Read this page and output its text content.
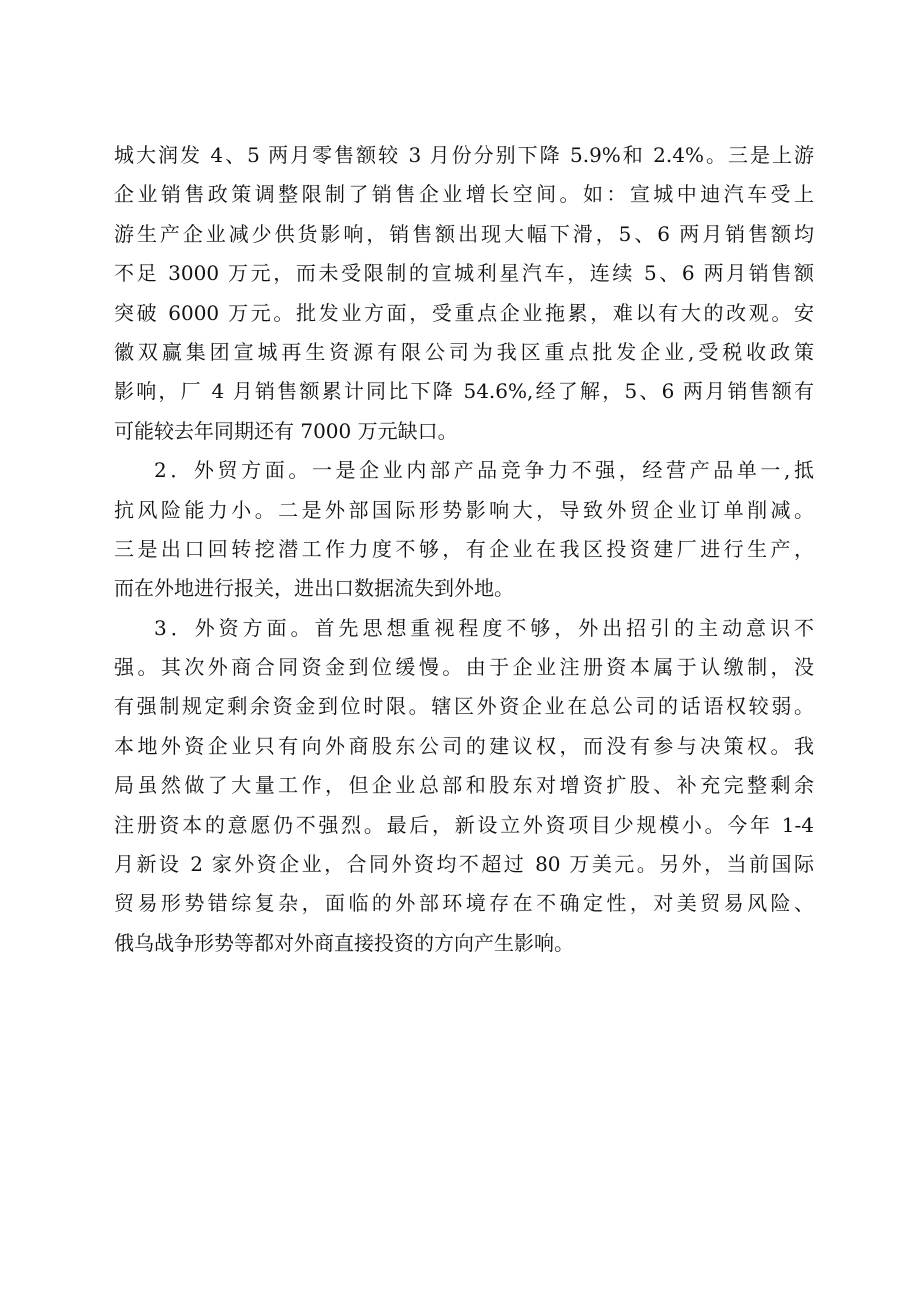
城大润发 4、5 两月零售额较 3 月份分别下降 5.9%和 2.4%。三是上游
企业销售政策调整限制了销售企业增长空间。如：宣城中迪汽车受上
游生产企业减少供货影响，销售额出现大幅下滑，5、6 两月销售额均
不足 3000 万元，而未受限制的宣城利星汽车，连续 5、6 两月销售额
突破 6000 万元。批发业方面，受重点企业拖累，难以有大的改观。安
徽双赢集团宣城再生资源有限公司为我区重点批发企业,受税收政策
影响，厂 4 月销售额累计同比下降 54.6%,经了解，5、6 两月销售额有
可能较去年同期还有 7000 万元缺口。
2．外贸方面。一是企业内部产品竞争力不强，经营产品单一,抵
抗风险能力小。二是外部国际形势影响大，导致外贸企业订单削减。
三是出口回转挖潜工作力度不够，有企业在我区投资建厂进行生产，
而在外地进行报关，进出口数据流失到外地。
3．外资方面。首先思想重视程度不够，外出招引的主动意识不
强。其次外商合同资金到位缓慢。由于企业注册资本属于认缴制，没
有强制规定剩余资金到位时限。辖区外资企业在总公司的话语权较弱。
本地外资企业只有向外商股东公司的建议权，而没有参与决策权。我
局虽然做了大量工作，但企业总部和股东对增资扩股、补充完整剩余
注册资本的意愿仍不强烈。最后，新设立外资项目少规模小。今年 1-4
月新设 2 家外资企业，合同外资均不超过 80 万美元。另外，当前国际
贸易形势错综复杂，面临的外部环境存在不确定性，对美贸易风险、
俄乌战争形势等都对外商直接投资的方向产生影响。
